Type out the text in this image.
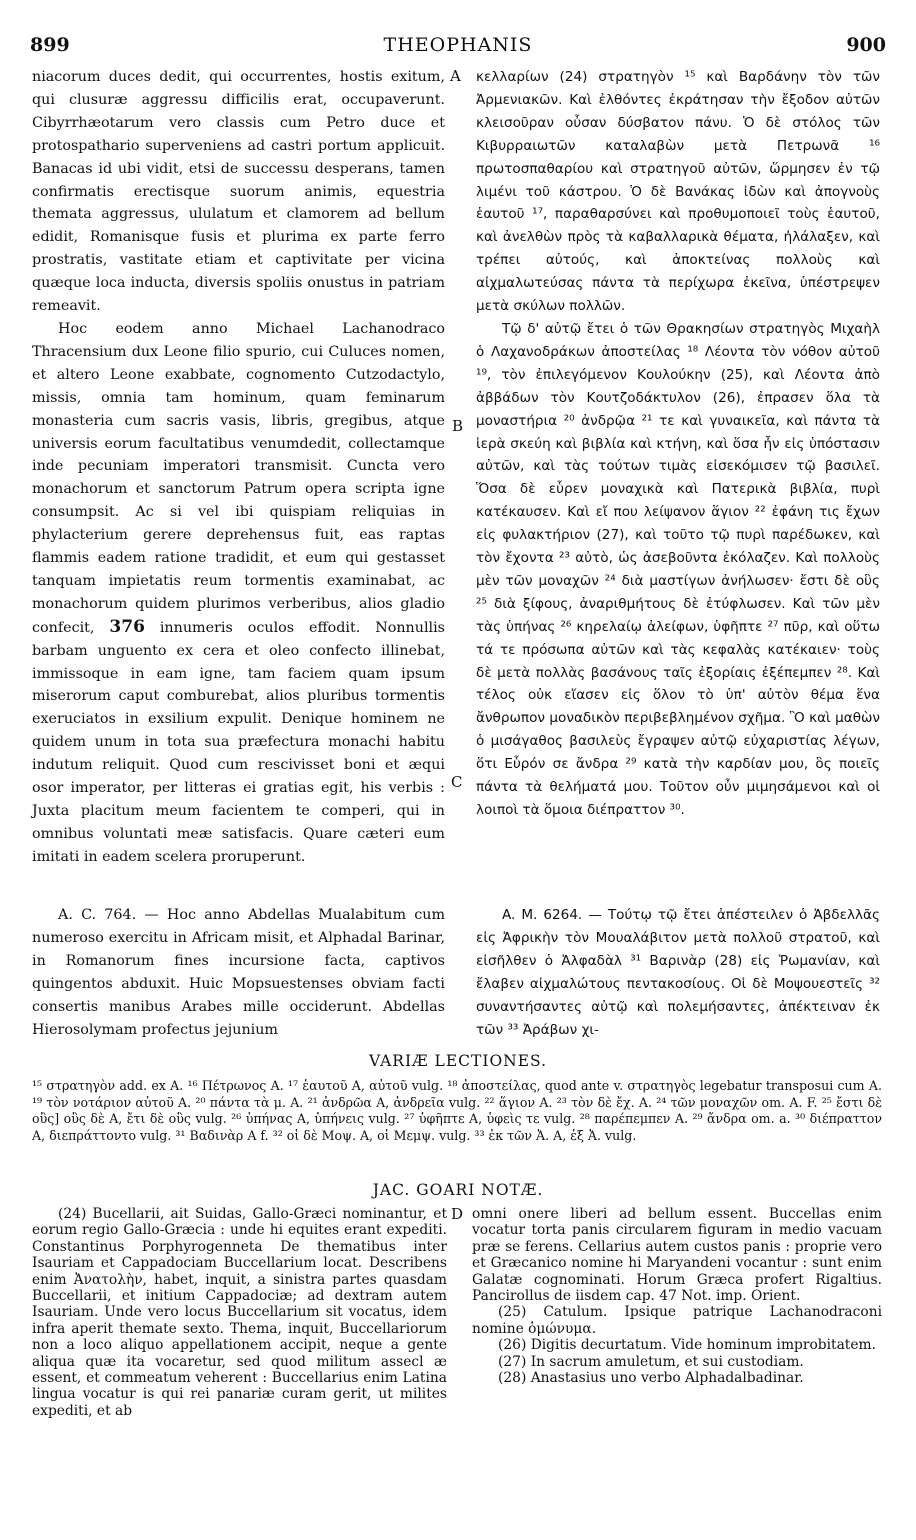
899	THEOPHANIS	900

niacorum duces dedit, qui occurrentes, hostis exitum, qui clusuræ aggressu difficilis erat, occupaverunt. Cibyrrhæotarum vero classis cum Petro duce et protospathario superveniens ad castri portum applicuit. Banacas id ubi vidit, etsi de successu desperans, tamen confirmatis erectisque suorum animis, equestria themata aggressus, ululatum et clamorem ad bellum edidit, Romanisque fusis et plurima ex parte ferro prostratis, vastitate etiam et captivitate per vicina quæque loca inducta, diversis spoliis onustus in patriam remeavit.

Hoc eodem anno Michael Lachanodraco Thracensium dux Leone filio spurio, cui Culuces nomen, et altero Leone exabbate, cognomento Cutzodactylo, missis, omnia tam hominum, quam feminarum monasteria cum sacris vasis, libris, gregibus, atque universis eorum facultatibus venumdedit, collectamque inde pecuniam imperatori transmisit. Cuncta vero monachorum et sanctorum Patrum opera scripta igne consumpsit. Ac si vel ibi quispiam reliquias in phylacterium gerere deprehensus fuit, eas raptas flammis eadem ratione tradidit, et eum qui gestasset tanquam impietatis reum tormentis examinabat, ac monachorum quidem plurimos verberibus, alios gladio confecit, 376 innumeris oculos effodit. Nonnullis barbam unguento ex cera et oleo confecto illinebat, immissoque in eam igne, tam faciem quam ipsum miserorum caput comburebat, alios pluribus tormentis exeruciatos in exsilium expulit. Denique hominem ne quidem unum in tota sua præfectura monachi habitu indutum reliquit. Quod cum rescivisset boni et æqui osor imperator, per litteras ei gratias egit, his verbis : Juxta placitum meum facientem te comperi, qui in omnibus voluntati meæ satisfacis. Quare cæteri eum imitati in eadem scelera proruperunt.

κελλαρίων (24) στρατηγὸν ¹⁵ καὶ Βαρδάνην τὸν τῶν Ἀρμενιακῶν. Καὶ ἐλθόντες ἐκράτησαν τὴν ἔξοδον αὐτῶν κλεισοῦραν οὖσαν δύσβατον πάνυ. Ὁ δὲ στόλος τῶν Κιβυρραιωτῶν καταλαβὼν μετὰ Πετρωνᾶ ¹⁶ πρωτοσπαθαρίου καὶ στρατηγοῦ αὐτῶν, ὥρμησεν ἐν τῷ λιμένι τοῦ κάστρου. Ὁ δὲ Βανάκας ἰδὼν καὶ ἀπογνοὺς ἑαυτοῦ ¹⁷, παραθαρσύνει καὶ προθυμοποιεῖ τοὺς ἑαυτοῦ, καὶ ἀνελθὼν πρὸς τὰ καβαλλαρικὰ θέματα, ἠλάλαξεν, καὶ τρέπει αὐτούς, καὶ ἀποκτείνας πολλοὺς καὶ αἰχμαλωτεύσας πάντα τὰ περίχωρα ἐκεῖνα, ὑπέστρεψεν μετὰ σκύλων πολλῶν.

Τῷ δ' αὐτῷ ἔτει ὁ τῶν Θρακησίων στρατηγὸς Μιχαὴλ ὁ Λαχανοδράκων ἀποστείλας ¹⁸ Λέοντα τὸν νόθον αὐτοῦ ¹⁹, τὸν ἐπιλεγόμενον Κουλούκην (25), καὶ Λέοντα ἀπὸ ἀββάδων τὸν Κουτζοδάκτυλον (26), ἐπρασεν ὅλα τὰ μοναστήρια ²⁰ ἀνδρῷα ²¹ τε καὶ γυναικεῖα, καὶ πάντα τὰ ἱερὰ σκεύη καὶ βιβλία καὶ κτήνη, καὶ ὅσα ἦν εἰς ὑπόστασιν αὐτῶν, καὶ τὰς τούτων τιμὰς εἰσεκόμισεν τῷ βασιλεῖ. Ὅσα δὲ εὗρεν μοναχικὰ καὶ Πατερικὰ βιβλία, πυρὶ κατέκαυσεν. Καὶ εἴ που λείψανον ἅγιον ²² ἐφάνη τις ἔχων εἰς φυλακτήριον (27), καὶ τοῦτο τῷ πυρὶ παρέδωκεν, καὶ τὸν ἔχοντα ²³ αὐτὸ, ὡς ἀσεβοῦντα ἐκόλαζεν. Καὶ πολλοὺς μὲν τῶν μοναχῶν ²⁴ διὰ μαστίγων ἀνήλωσεν· ἔστι δὲ οὓς ²⁵ διὰ ξίφους, ἀναριθμήτους δὲ ἐτύφλωσεν. Καὶ τῶν μὲν τὰς ὑπήνας ²⁶ κηρελαίῳ ἀλείφων, ὑφῆπτε ²⁷ πῦρ, καὶ οὕτω τά τε πρόσωπα αὐτῶν καὶ τὰς κεφαλὰς κατέκαιεν· τοὺς δὲ μετὰ πολλὰς βασάνους ταῖς ἐξορίαις ἐξέπεμπεν ²⁸. Καὶ τέλος οὐκ εἴασεν εἰς ὅλον τὸ ὑπ' αὐτὸν θέμα ἕνα ἄνθρωπον μοναδικὸν περιβεβλημένον σχῆμα. Ὃ καὶ μαθὼν ὁ μισάγαθος βασιλεὺς ἔγραψεν αὐτῷ εὐχαριστίας λέγων, ὅτι Εὗρόν σε ἄνδρα ²⁹ κατὰ τὴν καρδίαν μου, ὃς ποιεῖς πάντα τὰ θελήματά μου. Τοῦτον οὖν μιμησάμενοι καὶ οἱ λοιποὶ τὰ ὅμοια διέπραττον ³⁰.

A. C. 764. — Hoc anno Abdellas Mualabitum cum numeroso exercitu in Africam misit, et Alphadal Barinar, in Romanorum fines incursione facta, captivos quingentos abduxit. Huic Mopsuestenses obviam facti consertis manibus Arabes mille occiderunt. Abdellas Hierosolymam profectus jejunium

A. M. 6264. — Τούτῳ τῷ ἔτει ἀπέστειλεν ὁ Ἀβδελλᾶς εἰς Ἀφρικὴν τὸν Μουαλάβιτον μετὰ πολλοῦ στρατοῦ, καὶ εἰσῆλθεν ὁ Ἀλφαδὰλ ³¹ Βαρινὰρ (28) εἰς Ῥωμανίαν, καὶ ἔλαβεν αἰχμαλώτους πεντακοσίους. Οἱ δὲ Μοψουεστεῖς ³² συναντήσαντες αὐτῷ καὶ πολεμήσαντες, ἀπέκτειναν ἐκ τῶν ³³ Ἀράβων χι-

A
B
C
D
VARIÆ LECTIONES.
¹⁵ στρατηγὸν add. ex A. ¹⁶ Πέτρωνος A. ¹⁷ ἑαυτοῦ A, αὐτοῦ vulg. ¹⁸ ἀποστείλας, quod ante v. στρατηγὸς legebatur transposui cum A. ¹⁹ τὸν νοτάριον αὐτοῦ A. ²⁰ πάντα τὰ μ. A. ²¹ ἀνδρῶα A, ἀνδρεῖα vulg. ²² ἅγιον A. ²³ τὸν δὲ ἔχ. A. ²⁴ τῶν μοναχῶν om. A. F. ²⁵ ἔστι δὲ οὓς] οὓς δὲ A, ἔτι δὲ οὓς vulg. ²⁶ ὑπήνας A, ὑπήνεις vulg. ²⁷ ὑφῆπτε A, ὑφεὶς τε vulg. ²⁸ παρέπεμπεν A. ²⁹ ἄνδρα om. a. ³⁰ διέπραττον A, διεπράττοντο vulg. ³¹ Βαδινὰρ A f. ³² οἱ δὲ Μοψ. A, οἱ Μεμψ. vulg. ³³ ἐκ τῶν Ἀ. A, ἐξ Ἀ. vulg.
JAC. GOARI NOTÆ.

(24) Bucellarii, ait Suidas, Gallo-Græci nominantur, et eorum regio Gallo-Græcia : unde hi equites erant expediti. Constantinus Porphyrogenneta De thematibus inter Isauriam et Cappadociam Buccellarium locat. Describens enim Ἀνατολὴν, habet, inquit, a sinistra partes quasdam Buccellarii, et initium Cappadociæ; ad dextram autem Isauriam. Unde vero locus Buccellarium sit vocatus, idem infra aperit themate sexto. Thema, inquit, Buccellariorum non a loco aliquo appellationem accipit, neque a gente aliqua quæ ita vocaretur, sed quod militum assecl æ essent, et commeatum veherent : Buccellarius enim Latina lingua vocatur is qui rei panariæ curam gerit, ut milites expediti, et ab

omni onere liberi ad bellum essent. Buccellas enim vocatur torta panis circularem figuram in medio vacuam præ se ferens. Cellarius autem custos panis : proprie vero et Græcanico nomine hi Maryandeni vocantur : sunt enim Galatæ cognominati. Horum Græca profert Rigaltius. Pancirollus de iisdem cap. 47 Not. imp. Orient.

(25) Catulum. Ipsique patrique Lachanodraconi nomine ὁμώνυμα.

(26) Digitis decurtatum. Vide hominum improbitatem.

(27) In sacrum amuletum, et sui custodiam.

(28) Anastasius uno verbo Alphadalbadinar.
